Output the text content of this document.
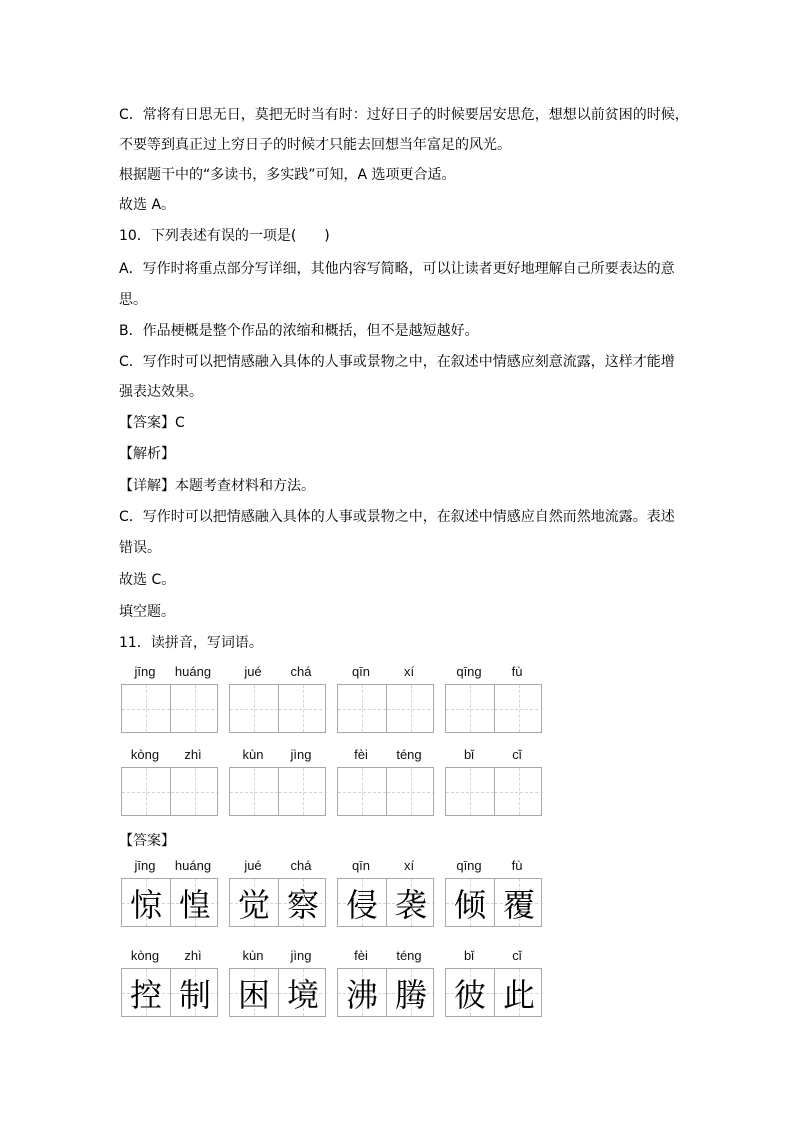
C．常将有日思无日，莫把无时当有时：过好日子的时候要居安思危，想想以前贫困的时候，
不要等到真正过上穷日子的时候才只能去回想当年富足的风光。
根据题干中的“多读书，多实践”可知，A 选项更合适。
故选 A。
10．下列表述有误的一项是(　　)
A．写作时将重点部分写详细，其他内容写简略，可以让读者更好地理解自己所要表达的意
思。
B．作品梗概是整个作品的浓缩和概括，但不是越短越好。
C．写作时可以把情感融入具体的人事或景物之中，在叙述中情感应刻意流露，这样才能增
强表达效果。
【答案】C
【解析】
【详解】本题考查材料和方法。
C．写作时可以把情感融入具体的人事或景物之中，在叙述中情感应自然而然地流露。表述
错误。
故选 C。
填空题。
11．读拼音，写词语。
【答案】
jīng	huáng	jué	chá	qīn	xí	qīng	fù
kòng	zhì	kùn	jìng	fèi	téng	bǐ	cǐ
jīng	huáng
惊 惶
jué	chá
觉 察
qīn	xí
侵 袭
qīng	fù
倾 覆
kòng	zhì
控 制
kùn	jìng
困 境
fèi	téng
沸 腾
bǐ	cǐ
彼 此
